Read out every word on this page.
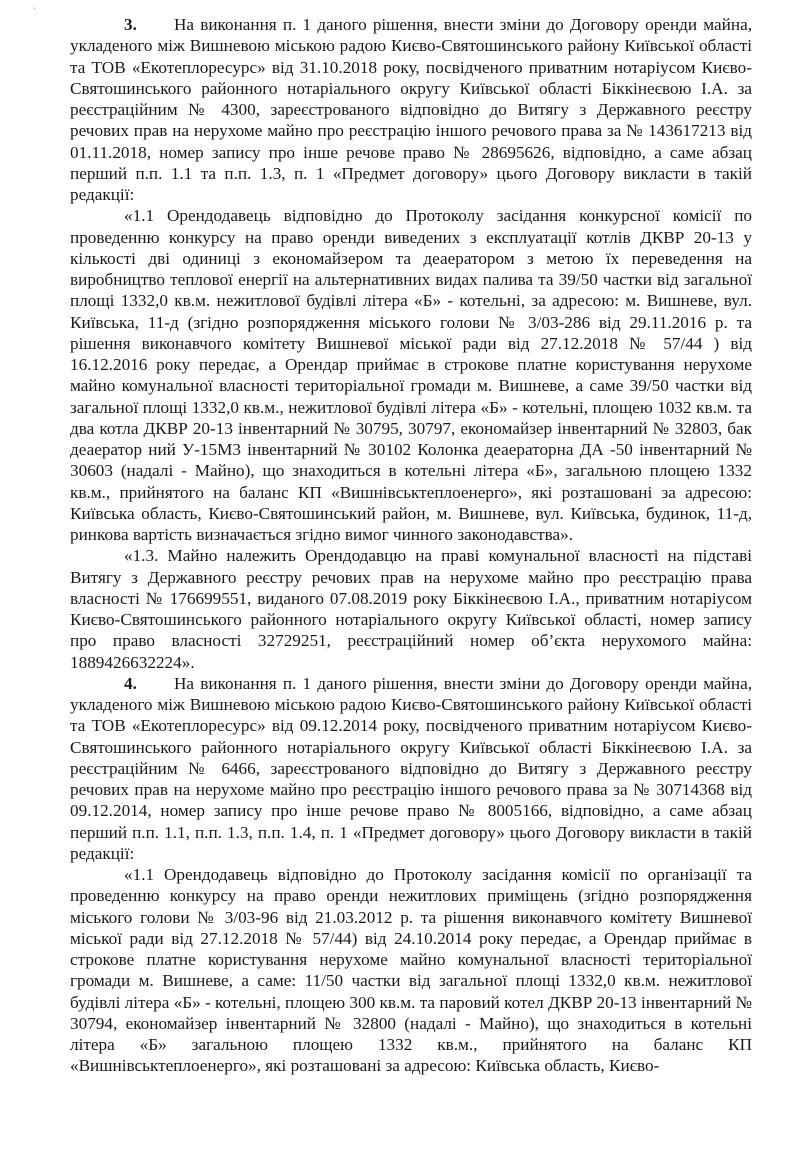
'

3. На виконання п. 1 даного рішення, внести зміни до Договору оренди майна, укладеного між Вишневою міською радою Києво-Святошинського району Київської області та ТОВ «Екотеплоресурс» від 31.10.2018 року, посвідченого приватним нотаріусом Києво-Святошинського районного нотаріального округу Київської області Біккінеєвою І.А. за реєстраційним № 4300, зареєстрованого відповідно до Витягу з Державного реєстру речових прав на нерухоме майно про реєстрацію іншого речового права за № 143617213 від 01.11.2018, номер запису про інше речове право № 28695626, відповідно, а саме абзац перший п.п. 1.1 та п.п. 1.3, п. 1 «Предмет договору» цього Договору викласти в такій редакції:

«1.1 Орендодавець відповідно до Протоколу засідання конкурсної комісії по проведенню конкурсу на право оренди виведених з експлуатації котлів ДКВР 20-13 у кількості дві одиниці з економайзером та деаератором з метою їх переведення на виробництво теплової енергії на альтернативних видах палива та 39/50 частки від загальної площі 1332,0 кв.м. нежитлової будівлі літера «Б» - котельні, за адресою: м. Вишневе, вул. Київська, 11-д (згідно розпорядження міського голови № 3/03-286 від 29.11.2016 р. та рішення виконавчого комітету Вишневої міської ради від 27.12.2018 № 57/44 ) від 16.12.2016 року передає, а Орендар приймає в строкове платне користування нерухоме майно комунальної власності територіальної громади м. Вишневе, а саме 39/50 частки від загальної площі 1332,0 кв.м., нежитлової будівлі літера «Б» - котельні, площею 1032 кв.м. та два котла ДКВР 20-13 інвентарний № 30795, 30797, економайзер інвентарний № 32803, бак деаератор ний У-15М3 інвентарний № 30102 Колонка деаераторна ДА -50 інвентарний № 30603 (надалі - Майно), що знаходиться в котельні літера «Б», загальною площею 1332 кв.м., прийнятого на баланс КП «Вишнівськтеплоенерго», які розташовані за адресою: Київська область, Києво-Святошинський район, м. Вишневе, вул. Київська, будинок, 11-д, ринкова вартість визначається згідно вимог чинного законодавства».

«1.3. Майно належить Орендодавцю на праві комунальної власності на підставі Витягу з Державного реєстру речових прав на нерухоме майно про реєстрацію права власності № 176699551, виданого 07.08.2019 року Біккінеєвою І.А., приватним нотаріусом Києво-Святошинського районного нотаріального округу Київської області, номер запису про право власності 32729251, реєстраційний номер об’єкта нерухомого майна: 1889426632224».

4. На виконання п. 1 даного рішення, внести зміни до Договору оренди майна, укладеного між Вишневою міською радою Києво-Святошинського району Київської області та ТОВ «Екотеплоресурс» від 09.12.2014 року, посвідченого приватним нотаріусом Києво-Святошинського районного нотаріального округу Київської області Біккінеєвою І.А. за реєстраційним № 6466, зареєстрованого відповідно до Витягу з Державного реєстру речових прав на нерухоме майно про реєстрацію іншого речового права за № 30714368 від 09.12.2014, номер запису про інше речове право № 8005166, відповідно, а саме абзац перший п.п. 1.1, п.п. 1.3, п.п. 1.4, п. 1 «Предмет договору» цього Договору викласти в такій редакції:

«1.1 Орендодавець відповідно до Протоколу засідання комісії по організації та проведенню конкурсу на право оренди нежитлових приміщень (згідно розпорядження міського голови № 3/03-96 від 21.03.2012 р. та рішення виконавчого комітету Вишневої міської ради від 27.12.2018 № 57/44) від 24.10.2014 року передає, а Орендар приймає в строкове платне користування нерухоме майно комунальної власності територіальної громади м. Вишневе, а саме: 11/50 частки від загальної площі 1332,0 кв.м. нежитлової будівлі літера «Б» - котельні, площею 300 кв.м. та паровий котел ДКВР 20-13 інвентарний № 30794, економайзер інвентарний № 32800 (надалі - Майно), що знаходиться в котельні літера «Б» загальною площею 1332 кв.м., прийнятого на баланс КП «Вишнівськтеплоенерго», які розташовані за адресою: Київська область, Києво-
